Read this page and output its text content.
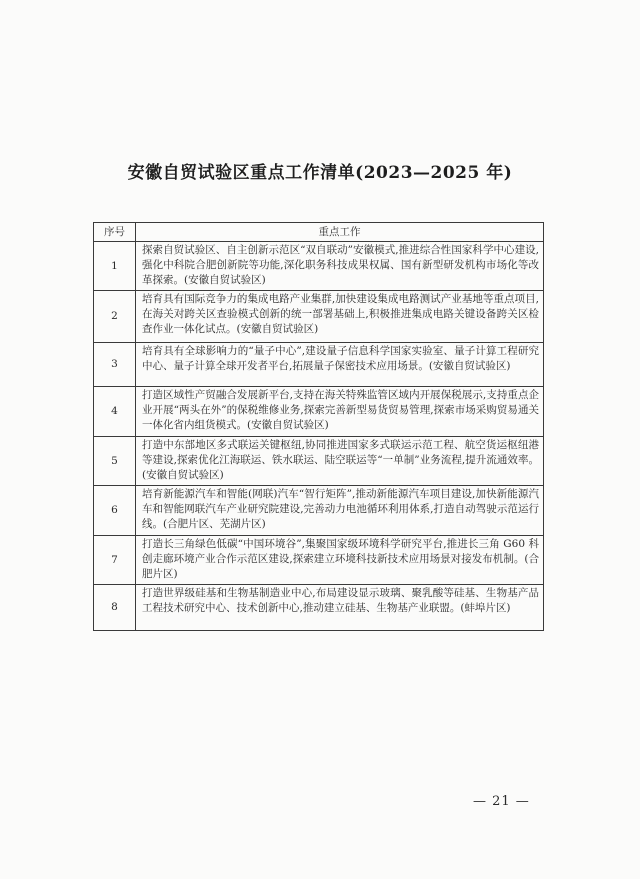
安徽自贸试验区重点工作清单(2023—2025 年)
序号	重点工作
1	探索自贸试验区、自主创新示范区“双自联动”安徽模式,推进综合性国家科学中心建设,强化中科院合肥创新院等功能,深化职务科技成果权属、国有新型研发机构市场化等改革探索。(安徽自贸试验区)
2	培育具有国际竞争力的集成电路产业集群,加快建设集成电路测试产业基地等重点项目,在海关对跨关区查验模式创新的统一部署基础上,积极推进集成电路关键设备跨关区检查作业一体化试点。(安徽自贸试验区)
3	培育具有全球影响力的“量子中心”,建设量子信息科学国家实验室、量子计算工程研究中心、量子计算全球开发者平台,拓展量子保密技术应用场景。(安徽自贸试验区)
4	打造区域性产贸融合发展新平台,支持在海关特殊监管区域内开展保税展示,支持重点企业开展“两头在外”的保税维修业务,探索完善新型易货贸易管理,探索市场采购贸易通关一体化省内组货模式。(安徽自贸试验区)
5	打造中东部地区多式联运关键枢纽,协同推进国家多式联运示范工程、航空货运枢纽港等建设,探索优化江海联运、铁水联运、陆空联运等“一单制”业务流程,提升流通效率。(安徽自贸试验区)
6	培育新能源汽车和智能(网联)汽车“智行矩阵”,推动新能源汽车项目建设,加快新能源汽车和智能网联汽车产业研究院建设,完善动力电池循环利用体系,打造自动驾驶示范运行线。(合肥片区、芜湖片区)
7	打造长三角绿色低碳“中国环境谷”,集聚国家级环境科学研究平台,推进长三角 G60 科创走廊环境产业合作示范区建设,探索建立环境科技新技术应用场景对接发布机制。(合肥片区)
8	打造世界级硅基和生物基制造业中心,布局建设显示玻璃、聚乳酸等硅基、生物基产品工程技术研究中心、技术创新中心,推动建立硅基、生物基产业联盟。(蚌埠片区)
— 21 —
